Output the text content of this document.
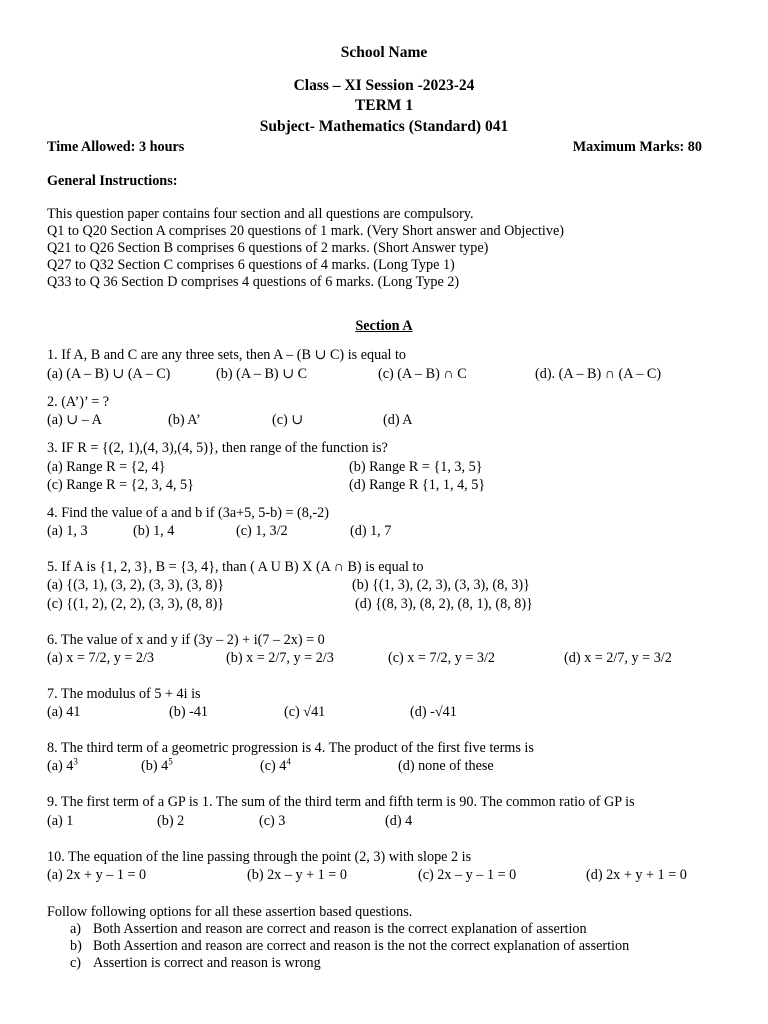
School Name
Class – XI Session -2023-24
TERM 1
Subject- Mathematics (Standard) 041
Time Allowed: 3 hours	Maximum Marks: 80
General Instructions:
This question paper contains four section and all questions are compulsory.
Q1 to Q20 Section A comprises 20 questions of 1 mark. (Very Short answer and Objective)
Q21 to Q26 Section B comprises 6 questions of 2 marks. (Short Answer type)
Q27 to Q32 Section C comprises 6 questions of 4 marks. (Long Type 1)
Q33 to Q 36 Section D comprises 4 questions of 6 marks. (Long Type 2)
Section A
1. If A, B and C are any three sets, then A – (B ∪ C) is equal to
(a) (A – B) ∪ (A – C)	(b) (A – B) ∪ C	(c) (A – B) ∩ C	(d). (A – B) ∩ (A – C)
2. (A’)’ = ?
(a) ∪ – A	(b) A’	(c) ∪	(d) A
3. IF R = {(2, 1),(4, 3),(4, 5)}, then range of the function is?
(a) Range R = {2, 4}	(b) Range R = {1, 3, 5}
(c) Range R = {2, 3, 4, 5}	(d) Range R {1, 1, 4, 5}
4. Find the value of a and b if (3a+5, 5-b) = (8,-2)
(a) 1, 3	(b) 1, 4	(c) 1, 3/2	(d) 1, 7
5. If A is {1, 2, 3}, B = {3, 4}, than ( A U B) X (A ∩ B) is equal to
(a) {(3, 1), (3, 2), (3, 3), (3, 8)}	(b) {(1, 3), (2, 3), (3, 3), (8, 3)}
(c) {(1, 2), (2, 2), (3, 3), (8, 8)}	(d) {(8, 3), (8, 2), (8, 1), (8, 8)}
6. The value of x and y if (3y – 2) + i(7 – 2x) = 0
(a) x = 7/2, y = 2/3	(b) x = 2/7, y = 2/3	(c) x = 7/2, y = 3/2	(d) x = 2/7, y = 3/2
7. The modulus of 5 + 4i is
(a) 41	(b) -41	(c) √41	(d) -√41
8. The third term of a geometric progression is 4. The product of the first five terms is
(a) $4^3$	(b) $4^5$	(c) $4^4$	(d) none of these
9. The first term of a GP is 1. The sum of the third term and fifth term is 90. The common ratio of GP is
(a) 1	(b) 2	(c) 3	(d) 4
10. The equation of the line passing through the point (2, 3) with slope 2 is
(a) 2x + y – 1 = 0	(b) 2x – y + 1 = 0	(c) 2x – y – 1 = 0	(d) 2x + y + 1 = 0
Follow following options for all these assertion based questions.
a) Both Assertion and reason are correct and reason is the correct explanation of assertion
b) Both Assertion and reason are correct and reason is the not the correct explanation of assertion
c) Assertion is correct and reason is wrong
